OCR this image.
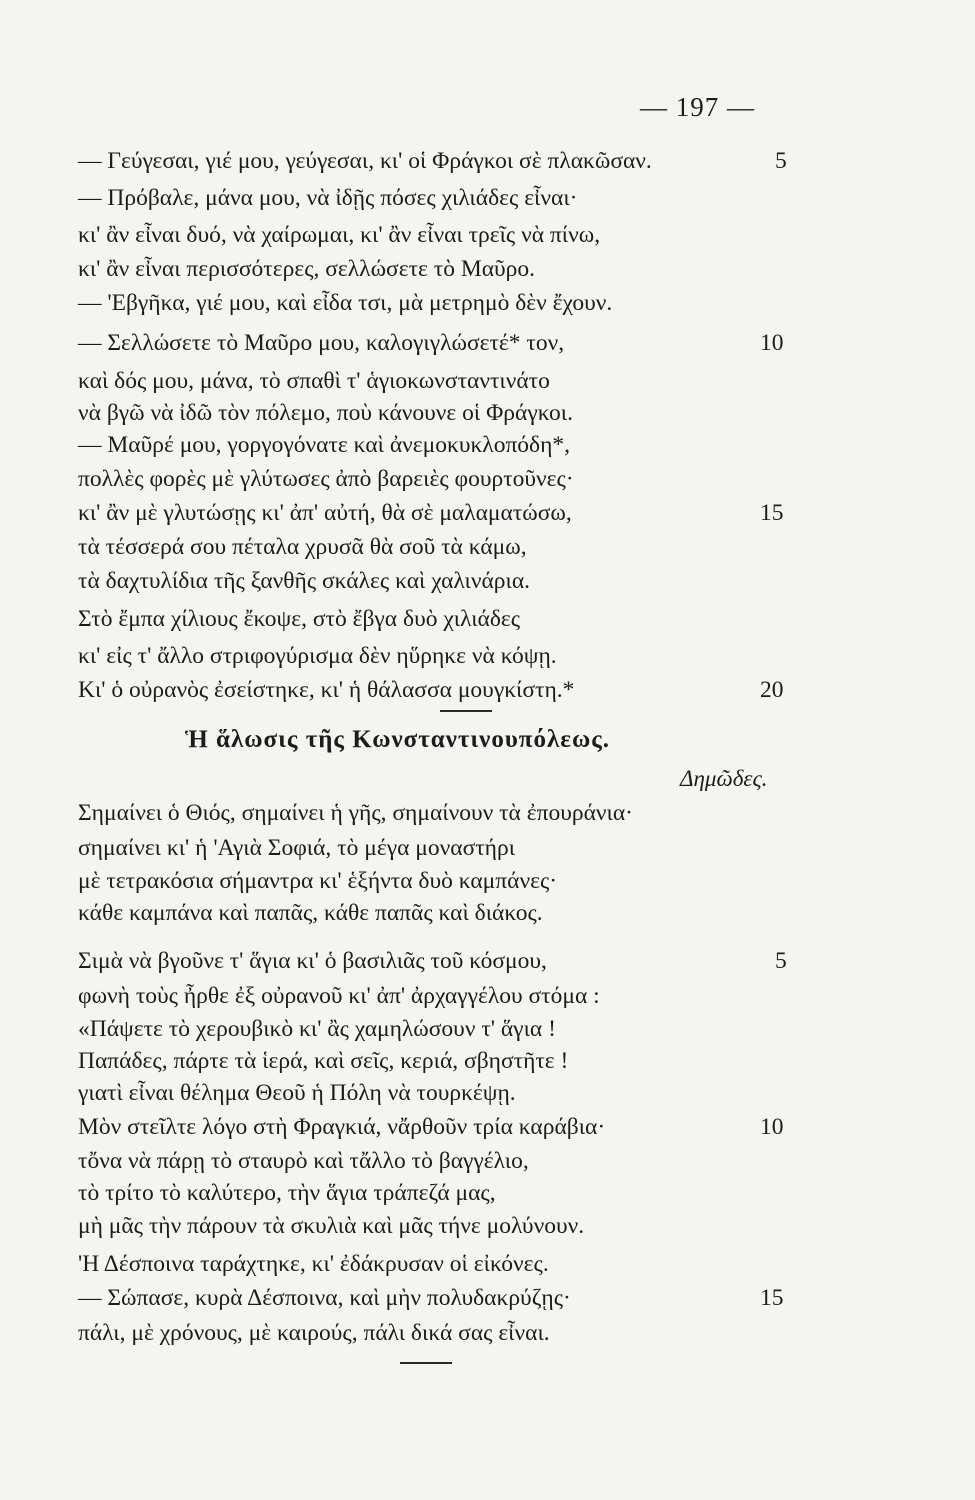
— 197 —
— Γεύγεσαι, γιέ μου, γεύγεσαι, κι' οἱ Φράγκοι σὲ πλακῶσαν.	5
— Πρόβαλε, μάνα μου, νὰ ἰδῇς πόσες χιλιάδες εἶναι·
κι' ἂν εἶναι δυό, νὰ χαίρωμαι, κι' ἂν εἶναι τρεῖς νὰ πίνω,
κι' ἂν εἶναι περισσότερες, σελλώσετε τὸ Μαῦρο.
— 'Εβγῆκα, γιέ μου, καὶ εἶδα τσι, μὰ μετρημὸ δὲν ἔχουν.
— Σελλώσετε τὸ Μαῦρο μου, καλογιγλώσετέ* τον,	10
καὶ δός μου, μάνα, τὸ σπαθὶ τ' ἁγιοκωνσταντινάτο
νὰ βγῶ νὰ ἰδῶ τὸν πόλεμο, ποὺ κάνουνε οἱ Φράγκοι.
— Μαῦρέ μου, γοργογόνατε καὶ ἀνεμοκυκλοπόδη*,
πολλὲς φορὲς μὲ γλύτωσες ἀπὸ βαρειὲς φουρτοῦνες·
κι' ἂν μὲ γλυτώσῃς κι' ἀπ' αὐτή, θὰ σὲ μαλαματώσω,	15
τὰ τέσσερά σου πέταλα χρυσᾶ θὰ σοῦ τὰ κάμω,
τὰ δαχτυλίδια τῆς ξανθῆς σκάλες καὶ χαλινάρια.
Στὸ ἔμπα χίλιους ἔκοψε, στὸ ἔβγα δυὸ χιλιάδες
κι' εἰς τ' ἄλλο στριφογύρισμα δὲν ηὕρηκε νὰ κόψῃ.
Κι' ὁ οὐρανὸς ἐσείστηκε, κι' ἡ θάλασσα μουγκίστη.*	20
Ἡ ἅλωσις τῆς Κωνσταντινουπόλεως.
Δημῶδες.
Σημαίνει ὁ Θιός, σημαίνει ἡ γῆς, σημαίνουν τὰ ἐπουράνια·
σημαίνει κι' ἡ 'Αγιὰ Σοφιά, τὸ μέγα μοναστήρι
μὲ τετρακόσια σήμαντρα κι' ἑξήντα δυὸ καμπάνες·
κάθε καμπάνα καὶ παπᾶς, κάθε παπᾶς καὶ διάκος.
Σιμὰ νὰ βγοῦνε τ' ἅγια κι' ὁ βασιλιᾶς τοῦ κόσμου,	5
φωνὴ τοὺς ἦρθε ἐξ οὐρανοῦ κι' ἀπ' ἀρχαγγέλου στόμα :
«Πάψετε τὸ χερουβικὸ κι' ἂς χαμηλώσουν τ' ἅγια !
Παπάδες, πάρτε τὰ ἱερά, καὶ σεῖς, κεριά, σβηστῆτε !
γιατὶ εἶναι θέλημα Θεοῦ ἡ Πόλη νὰ τουρκέψῃ.
Μὸν στεῖλτε λόγο στὴ Φραγκιά, νἄρθοῦν τρία καράβια·	10
τὄνα νὰ πάρῃ τὸ σταυρὸ καὶ τἄλλο τὸ βαγγέλιο,
τὸ τρίτο τὸ καλύτερο, τὴν ἅγια τράπεζά μας,
μὴ μᾶς τὴν πάρουν τὰ σκυλιὰ καὶ μᾶς τήνε μολύνουν.
'Η Δέσποινα ταράχτηκε, κι' ἐδάκρυσαν οἱ εἰκόνες.
— Σώπασε, κυρὰ Δέσποινα, καὶ μὴν πολυδακρύζῃς·	15
πάλι, μὲ χρόνους, μὲ καιρούς, πάλι δικά σας εἶναι.
